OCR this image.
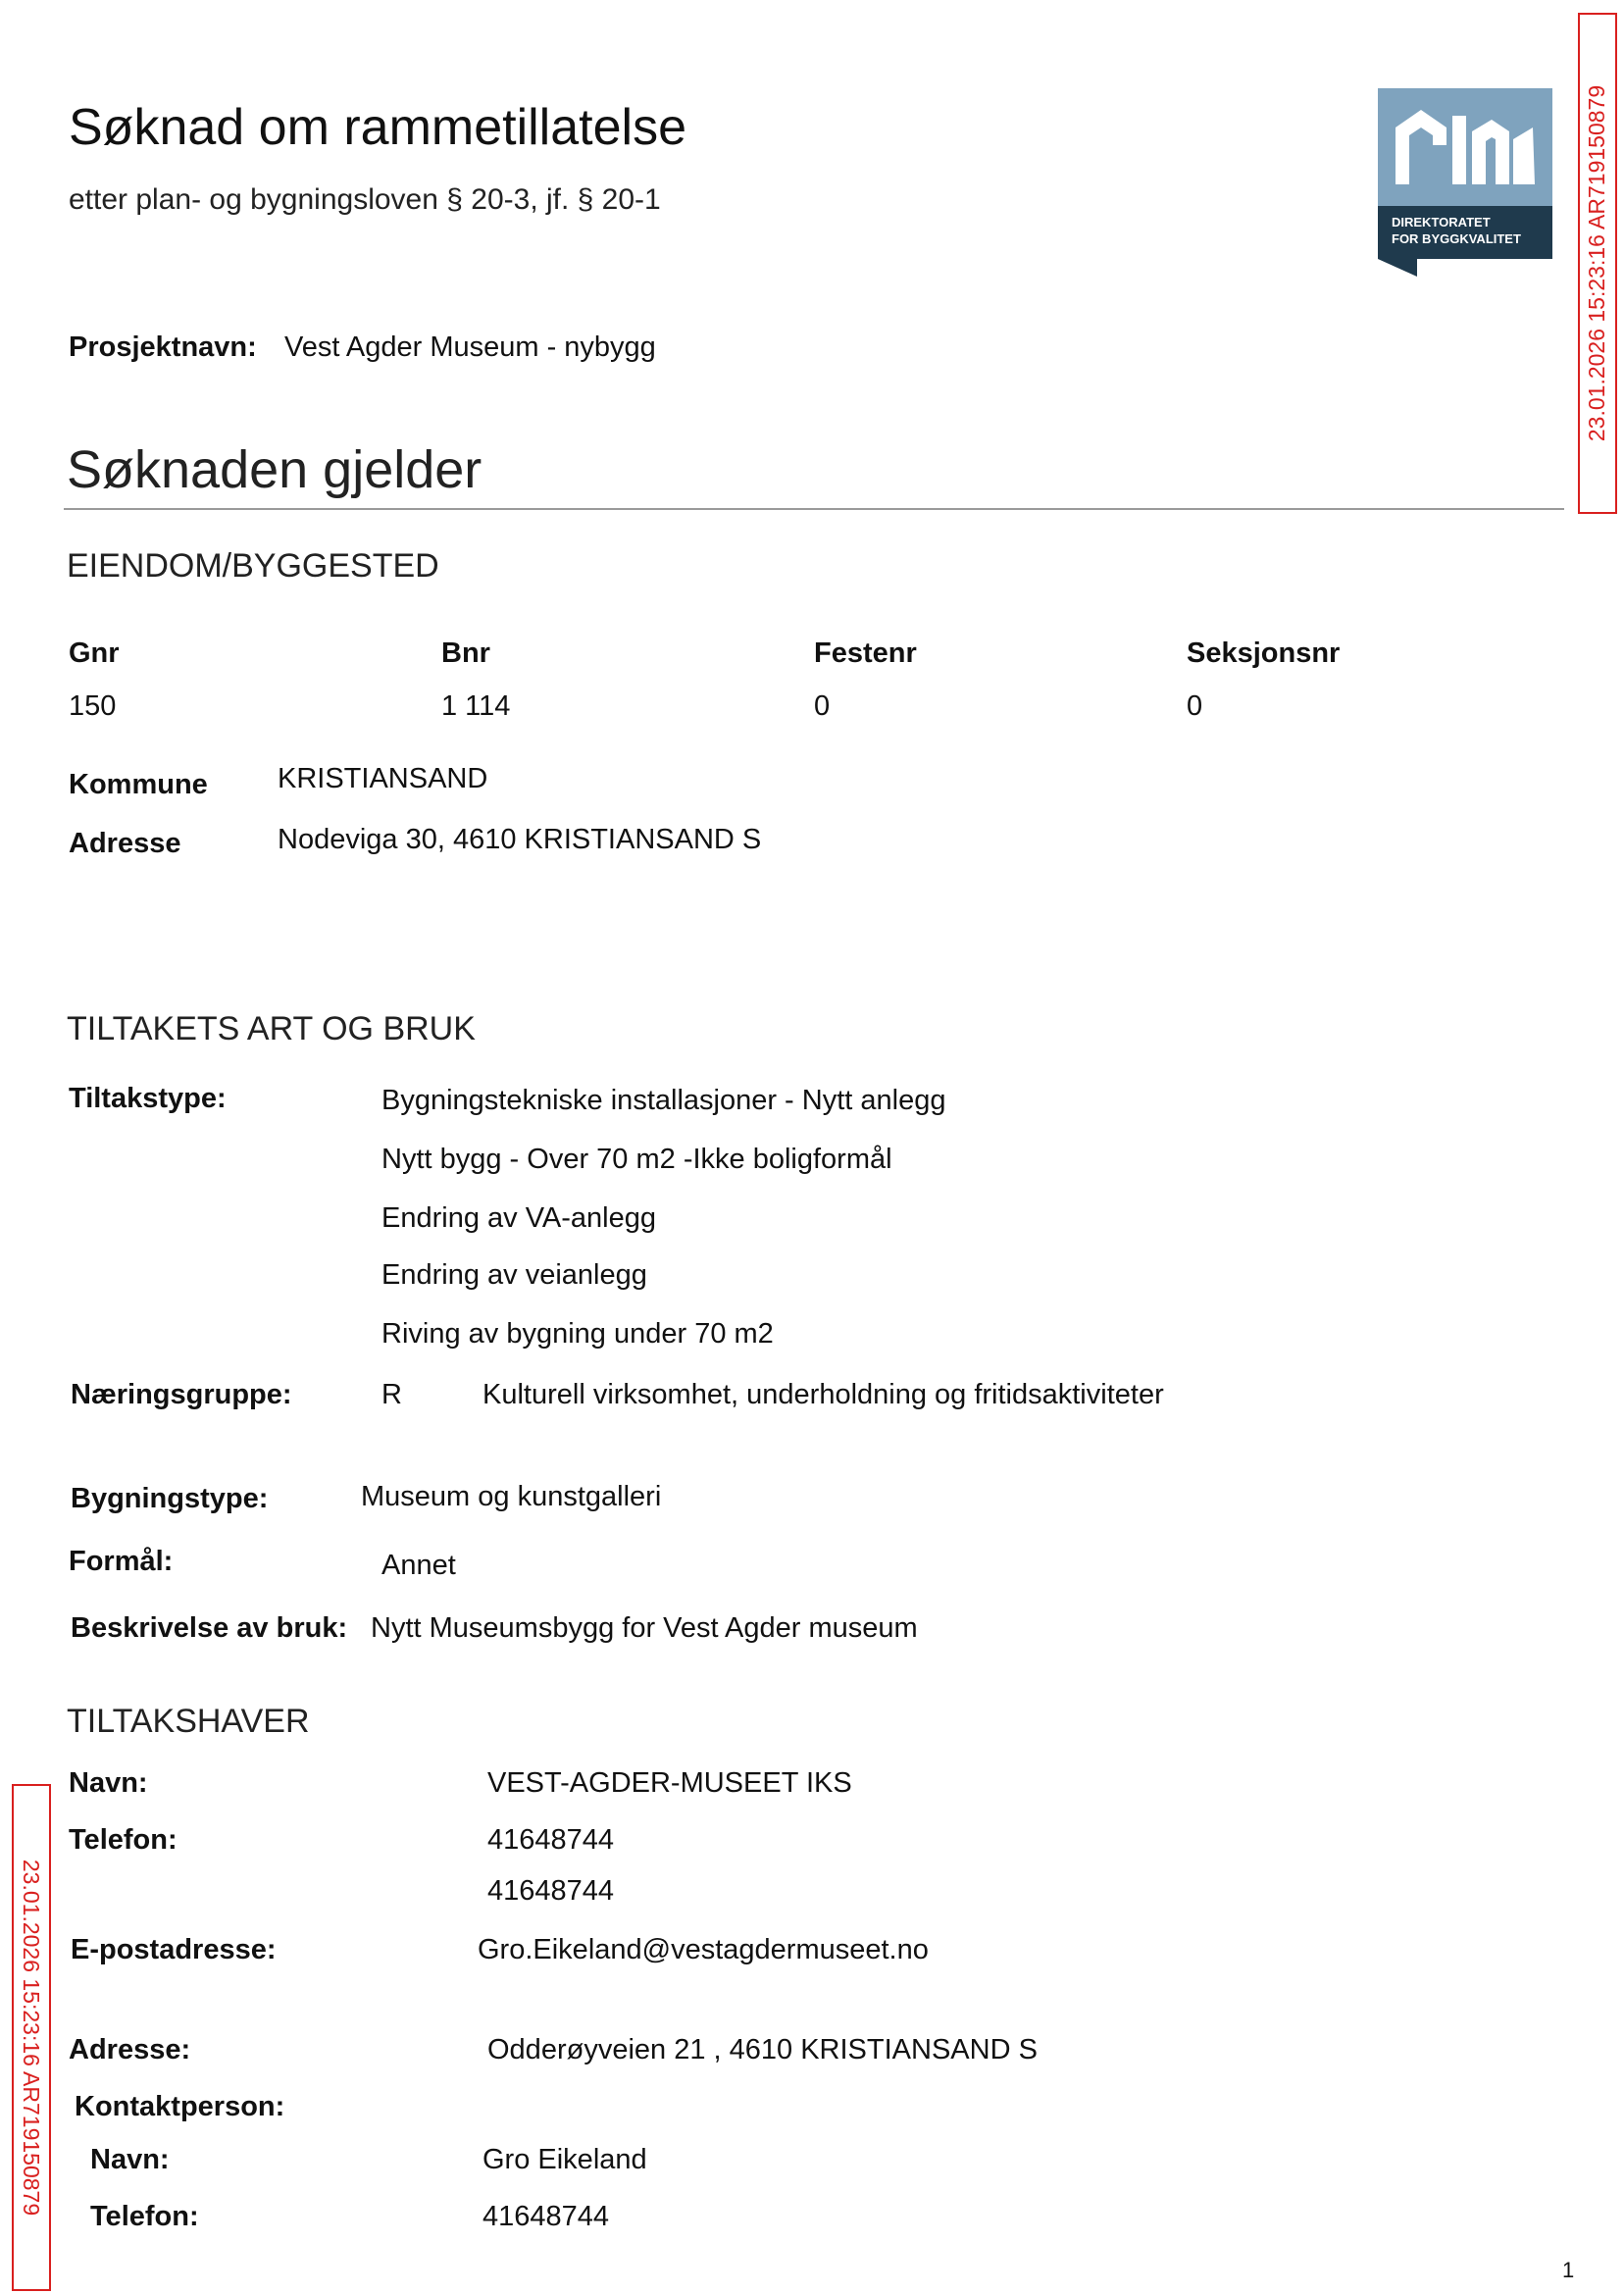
Søknad om rammetillatelse
etter plan- og bygningsloven § 20-3, jf. § 20-1
DIREKTORATET
FOR BYGGKVALITET	23.01.2026 15:23:16 AR719150879
23.01.2026 15:23:16 AR719150879
Prosjektnavn: Vest Agder Museum - nybygg
Søknaden gjelder
EIENDOM/BYGGESTED
Gnr	Bnr	Festenr	Seksjonsnr
150	1 114	0	0
Kommune KRISTIANSAND
Adresse	Nodeviga 30, 4610 KRISTIANSAND S
TILTAKETS ART OG BRUK
Tiltakstype:	Bygningstekniske installasjoner - Nytt anlegg
Nytt bygg - Over 70 m2 -Ikke boligformål
Endring av VA-anlegg
Endring av veianlegg
Riving av bygning under 70 m2
Næringsgruppe:	R	Kulturell virksomhet, underholdning og fritidsaktiviteter
Bygningstype:	Museum og kunstgalleri
Formål:	Annet
Beskrivelse av bruk: Nytt Museumsbygg for Vest Agder museum
TILTAKSHAVER
Navn:	VEST-AGDER-MUSEET IKS
Telefon:	41648744
41648744
E-postadresse:	Gro.Eikeland@vestagdermuseet.no
Adresse:	Odderøyveien 21 , 4610 KRISTIANSAND S
Kontaktperson:
Navn:	Gro Eikeland
Telefon:	41648744
1
